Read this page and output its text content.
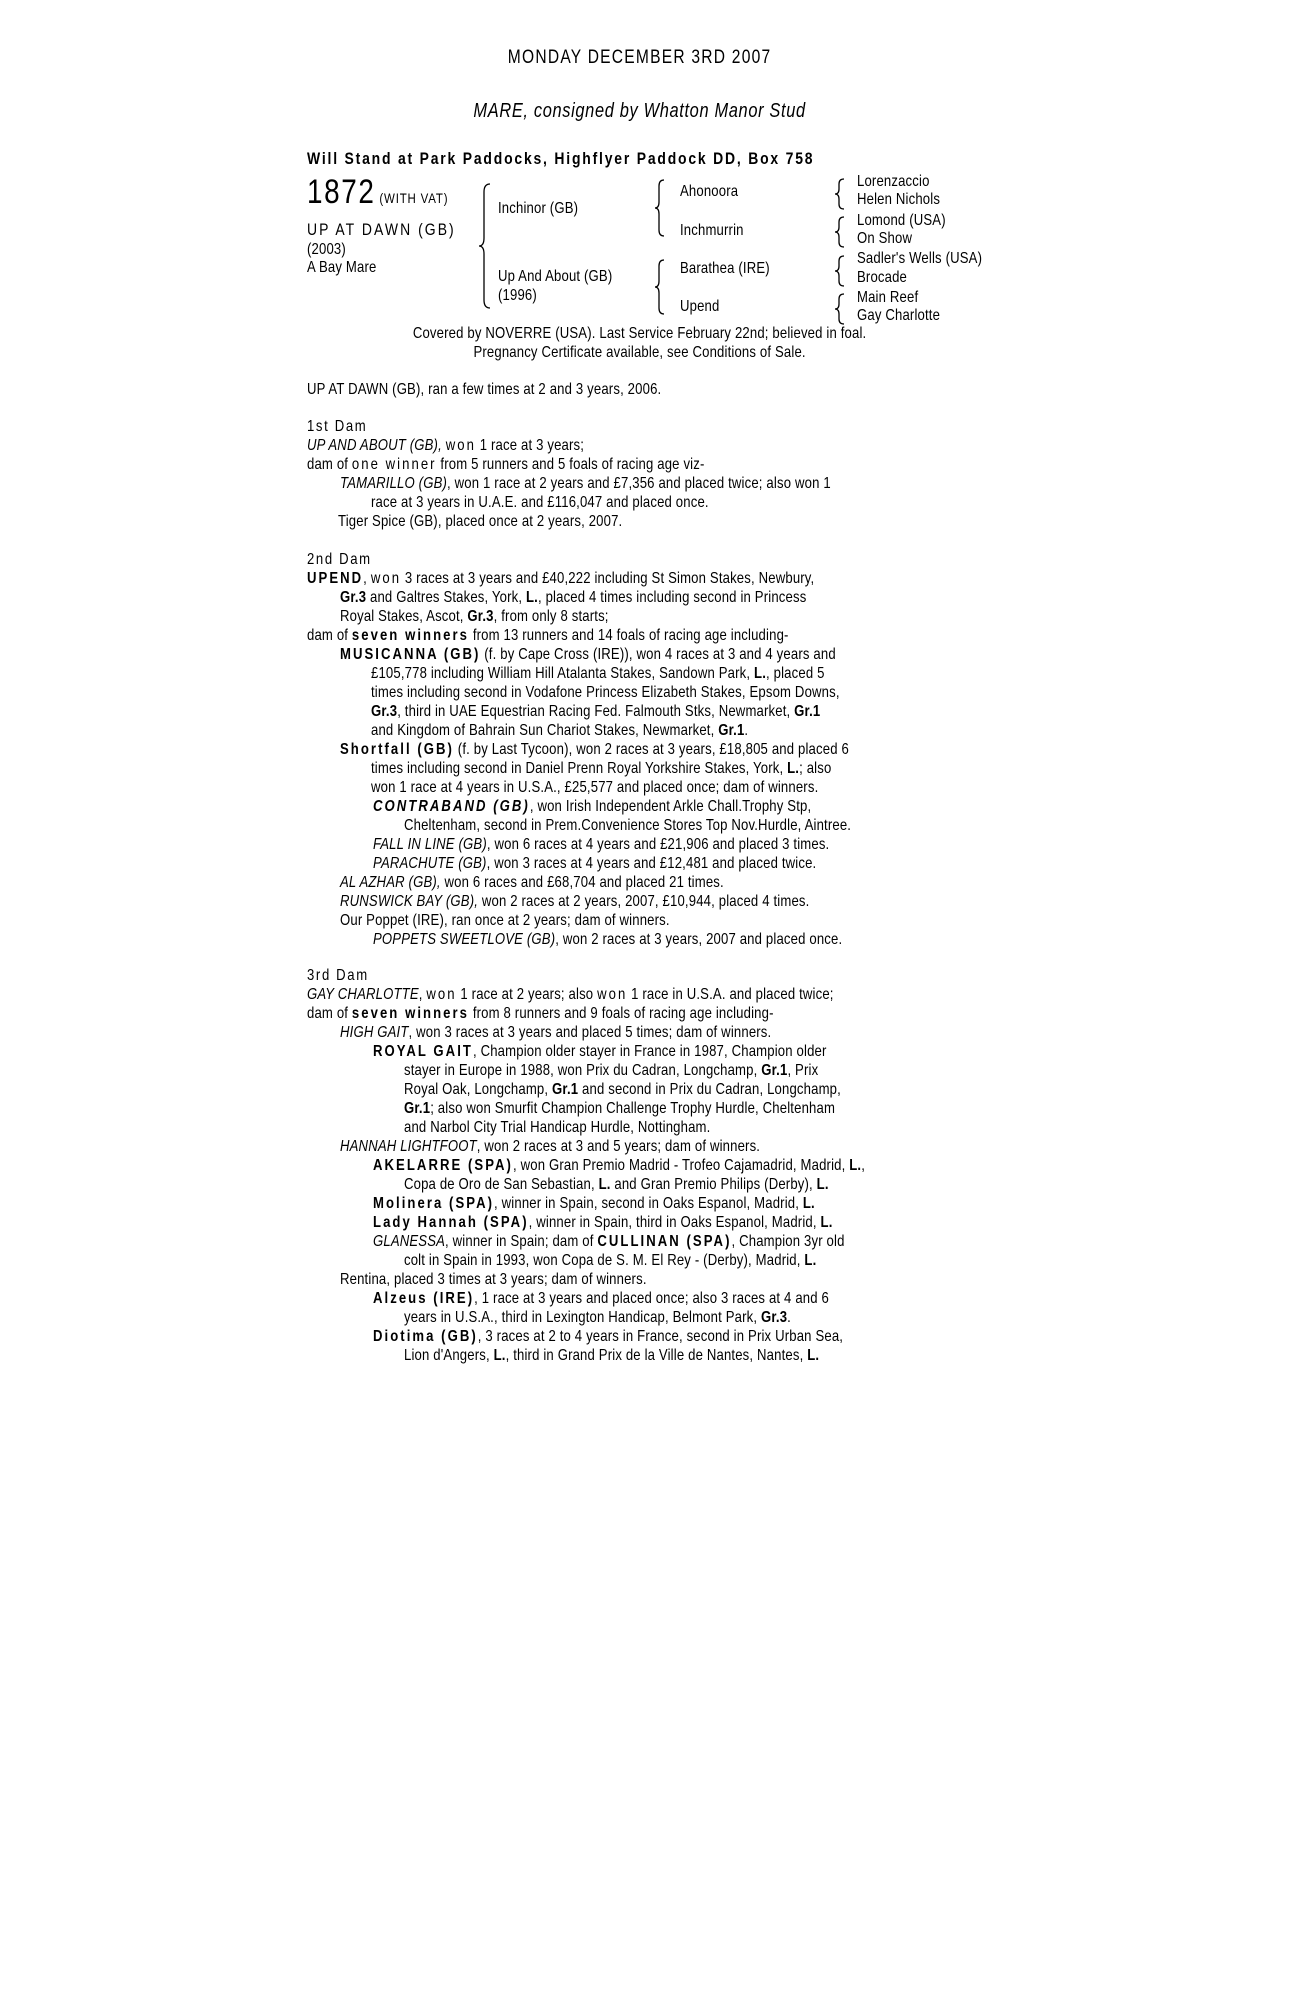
MONDAY DECEMBER 3RD 2007
MARE, consigned by Whatton Manor Stud
Will Stand at Park Paddocks, Highflyer Paddock DD, Box 758
1872 (WITH VAT)
UP AT DAWN (GB)
(2003)
A Bay Mare
Inchinor (GB)
Up And About (GB)
(1996)
Ahonoora
Inchmurrin
Barathea (IRE)
Upend
Lorenzaccio
Helen Nichols
Lomond (USA)
On Show
Sadler's Wells (USA)
Brocade
Main Reef
Gay Charlotte
Covered by NOVERRE (USA). Last Service February 22nd; believed in foal.
Pregnancy Certificate available, see Conditions of Sale.
UP AT DAWN (GB), ran a few times at 2 and 3 years, 2006.
1st Dam
UP AND ABOUT (GB), won 1 race at 3 years;
dam of one winner from 5 runners and 5 foals of racing age viz-
TAMARILLO (GB), won 1 race at 2 years and £7,356 and placed twice; also won 1
race at 3 years in U.A.E. and £116,047 and placed once.
Tiger Spice (GB), placed once at 2 years, 2007.
2nd Dam
UPEND, won 3 races at 3 years and £40,222 including St Simon Stakes, Newbury,
Gr.3 and Galtres Stakes, York, L., placed 4 times including second in Princess
Royal Stakes, Ascot, Gr.3, from only 8 starts;
dam of seven winners from 13 runners and 14 foals of racing age including-
MUSICANNA (GB) (f. by Cape Cross (IRE)), won 4 races at 3 and 4 years and
£105,778 including William Hill Atalanta Stakes, Sandown Park, L., placed 5
times including second in Vodafone Princess Elizabeth Stakes, Epsom Downs,
Gr.3, third in UAE Equestrian Racing Fed. Falmouth Stks, Newmarket, Gr.1
and Kingdom of Bahrain Sun Chariot Stakes, Newmarket, Gr.1.
Shortfall (GB) (f. by Last Tycoon), won 2 races at 3 years, £18,805 and placed 6
times including second in Daniel Prenn Royal Yorkshire Stakes, York, L.; also
won 1 race at 4 years in U.S.A., £25,577 and placed once; dam of winners.
CONTRABAND (GB), won Irish Independent Arkle Chall.Trophy Stp,
Cheltenham, second in Prem.Convenience Stores Top Nov.Hurdle, Aintree.
FALL IN LINE (GB), won 6 races at 4 years and £21,906 and placed 3 times.
PARACHUTE (GB), won 3 races at 4 years and £12,481 and placed twice.
AL AZHAR (GB), won 6 races and £68,704 and placed 21 times.
RUNSWICK BAY (GB), won 2 races at 2 years, 2007, £10,944, placed 4 times.
Our Poppet (IRE), ran once at 2 years; dam of winners.
POPPETS SWEETLOVE (GB), won 2 races at 3 years, 2007 and placed once.
3rd Dam
GAY CHARLOTTE, won 1 race at 2 years; also won 1 race in U.S.A. and placed twice;
dam of seven winners from 8 runners and 9 foals of racing age including-
HIGH GAIT, won 3 races at 3 years and placed 5 times; dam of winners.
ROYAL GAIT, Champion older stayer in France in 1987, Champion older
stayer in Europe in 1988, won Prix du Cadran, Longchamp, Gr.1, Prix
Royal Oak, Longchamp, Gr.1 and second in Prix du Cadran, Longchamp,
Gr.1; also won Smurfit Champion Challenge Trophy Hurdle, Cheltenham
and Narbol City Trial Handicap Hurdle, Nottingham.
HANNAH LIGHTFOOT, won 2 races at 3 and 5 years; dam of winners.
AKELARRE (SPA), won Gran Premio Madrid - Trofeo Cajamadrid, Madrid, L.,
Copa de Oro de San Sebastian, L. and Gran Premio Philips (Derby), L.
Molinera (SPA), winner in Spain, second in Oaks Espanol, Madrid, L.
Lady Hannah (SPA), winner in Spain, third in Oaks Espanol, Madrid, L.
GLANESSA, winner in Spain; dam of CULLINAN (SPA), Champion 3yr old
colt in Spain in 1993, won Copa de S. M. El Rey - (Derby), Madrid, L.
Rentina, placed 3 times at 3 years; dam of winners.
Alzeus (IRE), 1 race at 3 years and placed once; also 3 races at 4 and 6
years in U.S.A., third in Lexington Handicap, Belmont Park, Gr.3.
Diotima (GB), 3 races at 2 to 4 years in France, second in Prix Urban Sea,
Lion d'Angers, L., third in Grand Prix de la Ville de Nantes, Nantes, L.
